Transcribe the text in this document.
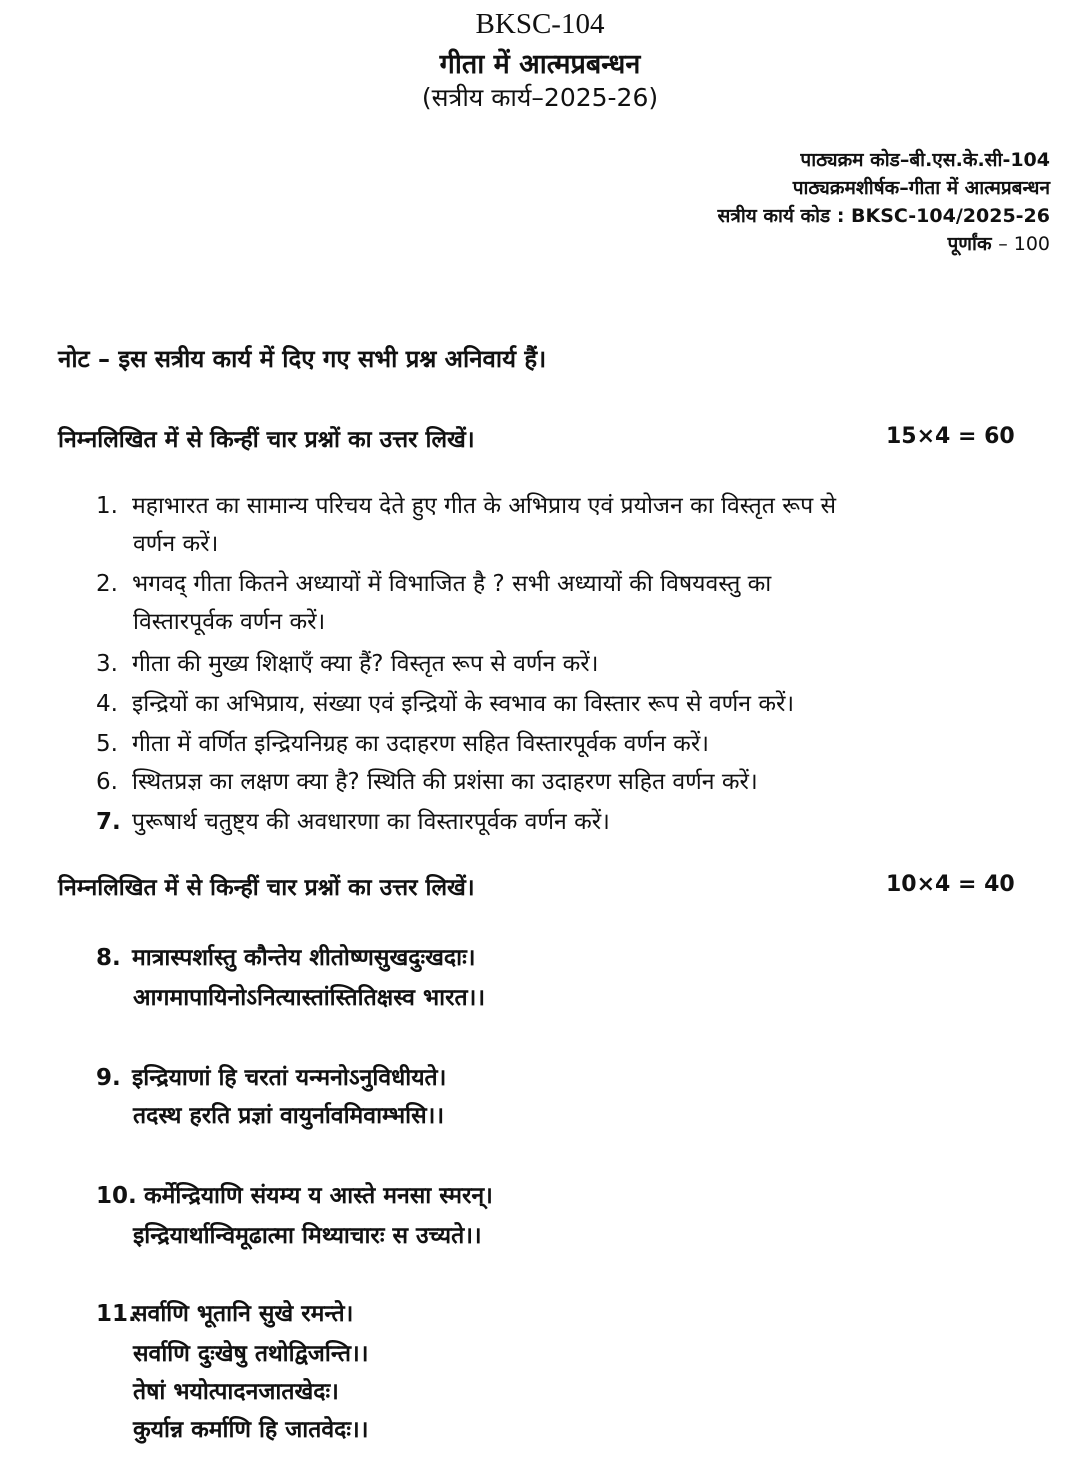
BKSC-104
गीता में आत्मप्रबन्धन
(सत्रीय कार्य–2025-26)
पाठ्यक्रम कोड–बी.एस.के.सी-104
पाठ्यक्रमशीर्षक–गीता में आत्मप्रबन्धन
सत्रीय कार्य कोड : BKSC-104/2025-26
पूर्णांक – 100
नोट – इस सत्रीय कार्य में दिए गए सभी प्रश्न अनिवार्य हैं।
निम्नलिखित में से किन्हीं चार प्रश्नों का उत्तर लिखें।	15×4 = 60
1. महाभारत का सामान्य परिचय देते हुए गीत के अभिप्राय एवं प्रयोजन का विस्तृत रूप से
वर्णन करें।
2. भगवद् गीता कितने अध्यायों में विभाजित है ? सभी अध्यायों की विषयवस्तु का
विस्तारपूर्वक वर्णन करें।
3. गीता की मुख्य शिक्षाएँ क्या हैं? विस्तृत रूप से वर्णन करें।
4. इन्द्रियों का अभिप्राय, संख्या एवं इन्द्रियों के स्वभाव का विस्तार रूप से वर्णन करें।
5. गीता में वर्णित इन्द्रियनिग्रह का उदाहरण सहित विस्तारपूर्वक वर्णन करें।
6. स्थितप्रज्ञ का लक्षण क्या है? स्थिति की प्रशंसा का उदाहरण सहित वर्णन करें।
7. पुरूषार्थ चतुष्ट्य की अवधारणा का विस्तारपूर्वक वर्णन करें।
निम्नलिखित में से किन्हीं चार प्रश्नों का उत्तर लिखें।	10×4 = 40
8. मात्रास्पर्शास्तु कौन्तेय शीतोष्णसुखदुःखदाः।
आगमापायिनोऽनित्यास्तांस्तितिक्षस्व भारत।।
9. इन्द्रियाणां हि चरतां यन्मनोऽनुविधीयते।
तदस्थ हरति प्रज्ञां वायुर्नावमिवाम्भसि।।
10. कर्मेन्द्रियाणि संयम्य य आस्ते मनसा स्मरन्।
इन्द्रियार्थान्विमूढात्मा मिथ्याचारः स उच्यते।।
11.सर्वाणि भूतानि सुखे रमन्ते।
सर्वाणि दुःखेषु तथोद्विजन्ति।।
तेषां भयोत्पादनजातखेदः।
कुर्यान्न कर्माणि हि जातवेदः।।
